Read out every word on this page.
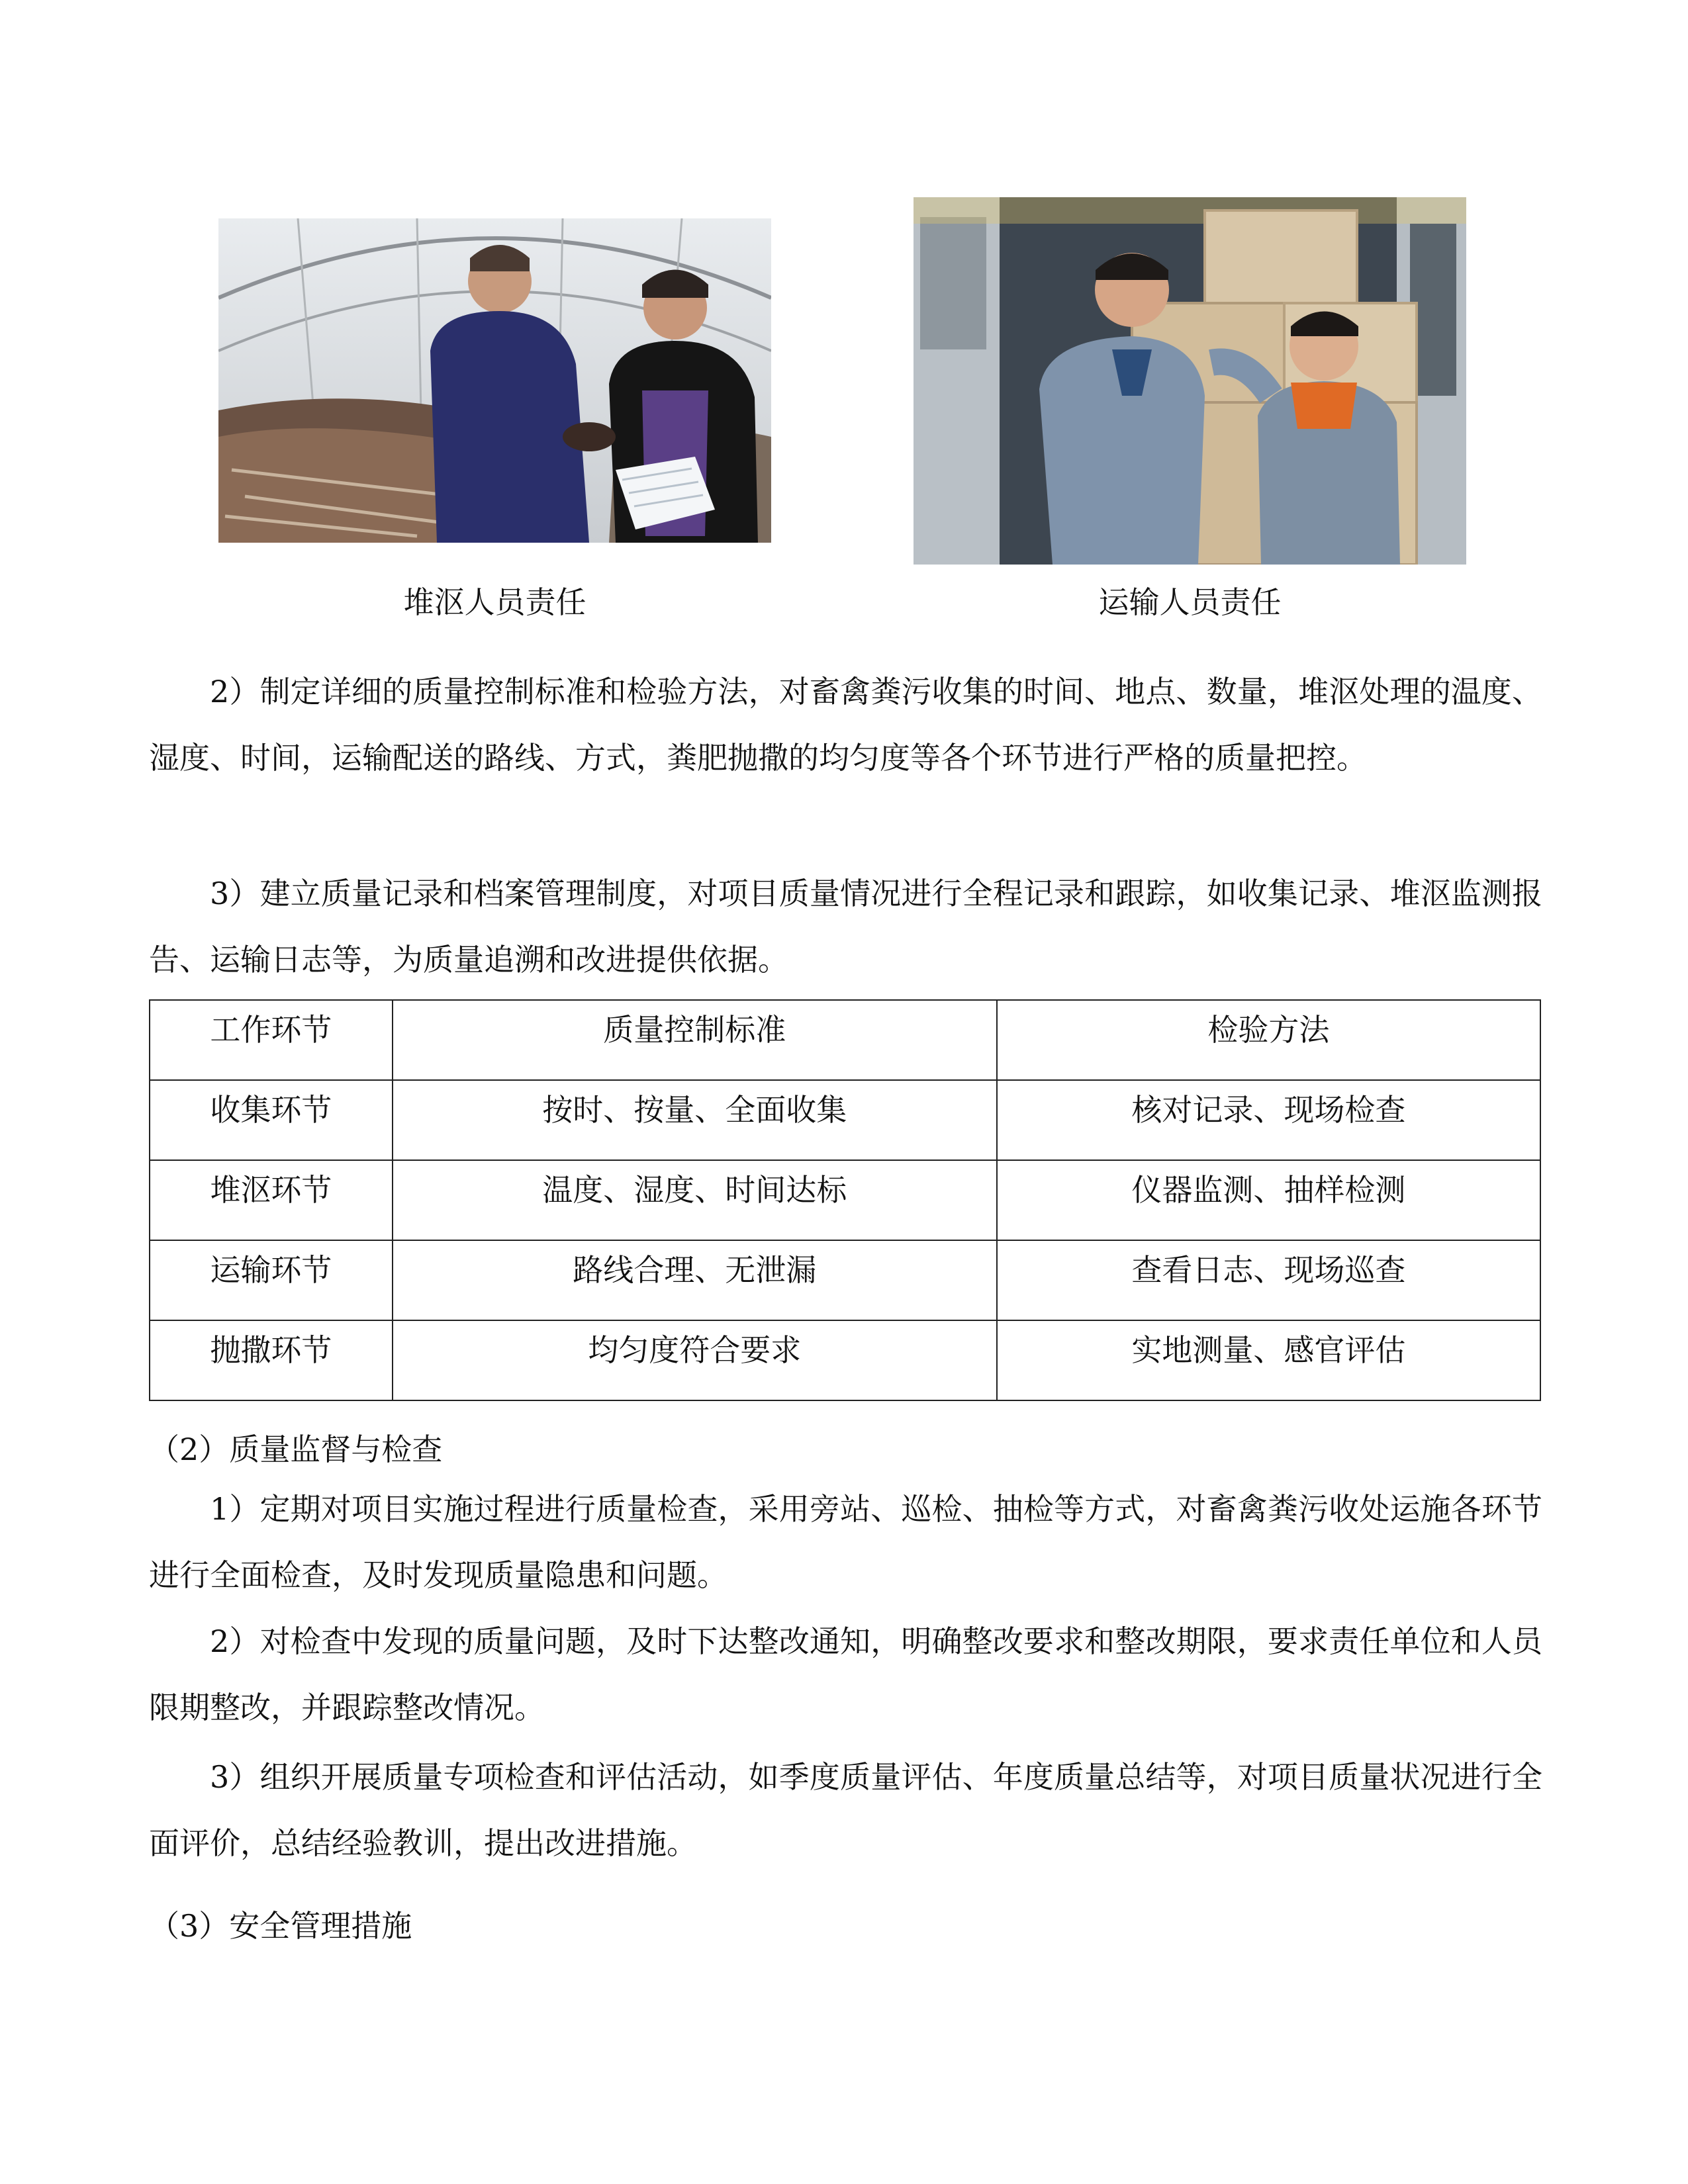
堆沤人员责任	运输人员责任
2）制定详细的质量控制标准和检验方法，对畜禽粪污收集的时间、地点、数量，堆沤处理的温度、湿度、时间，运输配送的路线、方式，粪肥抛撒的均匀度等各个环节进行严格的质量把控。
3）建立质量记录和档案管理制度，对项目质量情况进行全程记录和跟踪，如收集记录、堆沤监测报告、运输日志等，为质量追溯和改进提供依据。
工作环节	质量控制标准	检验方法

收集环节	按时、按量、全面收集	核对记录、现场检查

堆沤环节	温度、湿度、时间达标	仪器监测、抽样检测

运输环节	路线合理、无泄漏	查看日志、现场巡查

抛撒环节	均匀度符合要求	实地测量、感官评估
（2）质量监督与检查
1）定期对项目实施过程进行质量检查，采用旁站、巡检、抽检等方式，对畜禽粪污收处运施各环节进行全面检查，及时发现质量隐患和问题。
2）对检查中发现的质量问题，及时下达整改通知，明确整改要求和整改期限，要求责任单位和人员限期整改，并跟踪整改情况。
3）组织开展质量专项检查和评估活动，如季度质量评估、年度质量总结等，对项目质量状况进行全面评价，总结经验教训，提出改进措施。
（3）安全管理措施
